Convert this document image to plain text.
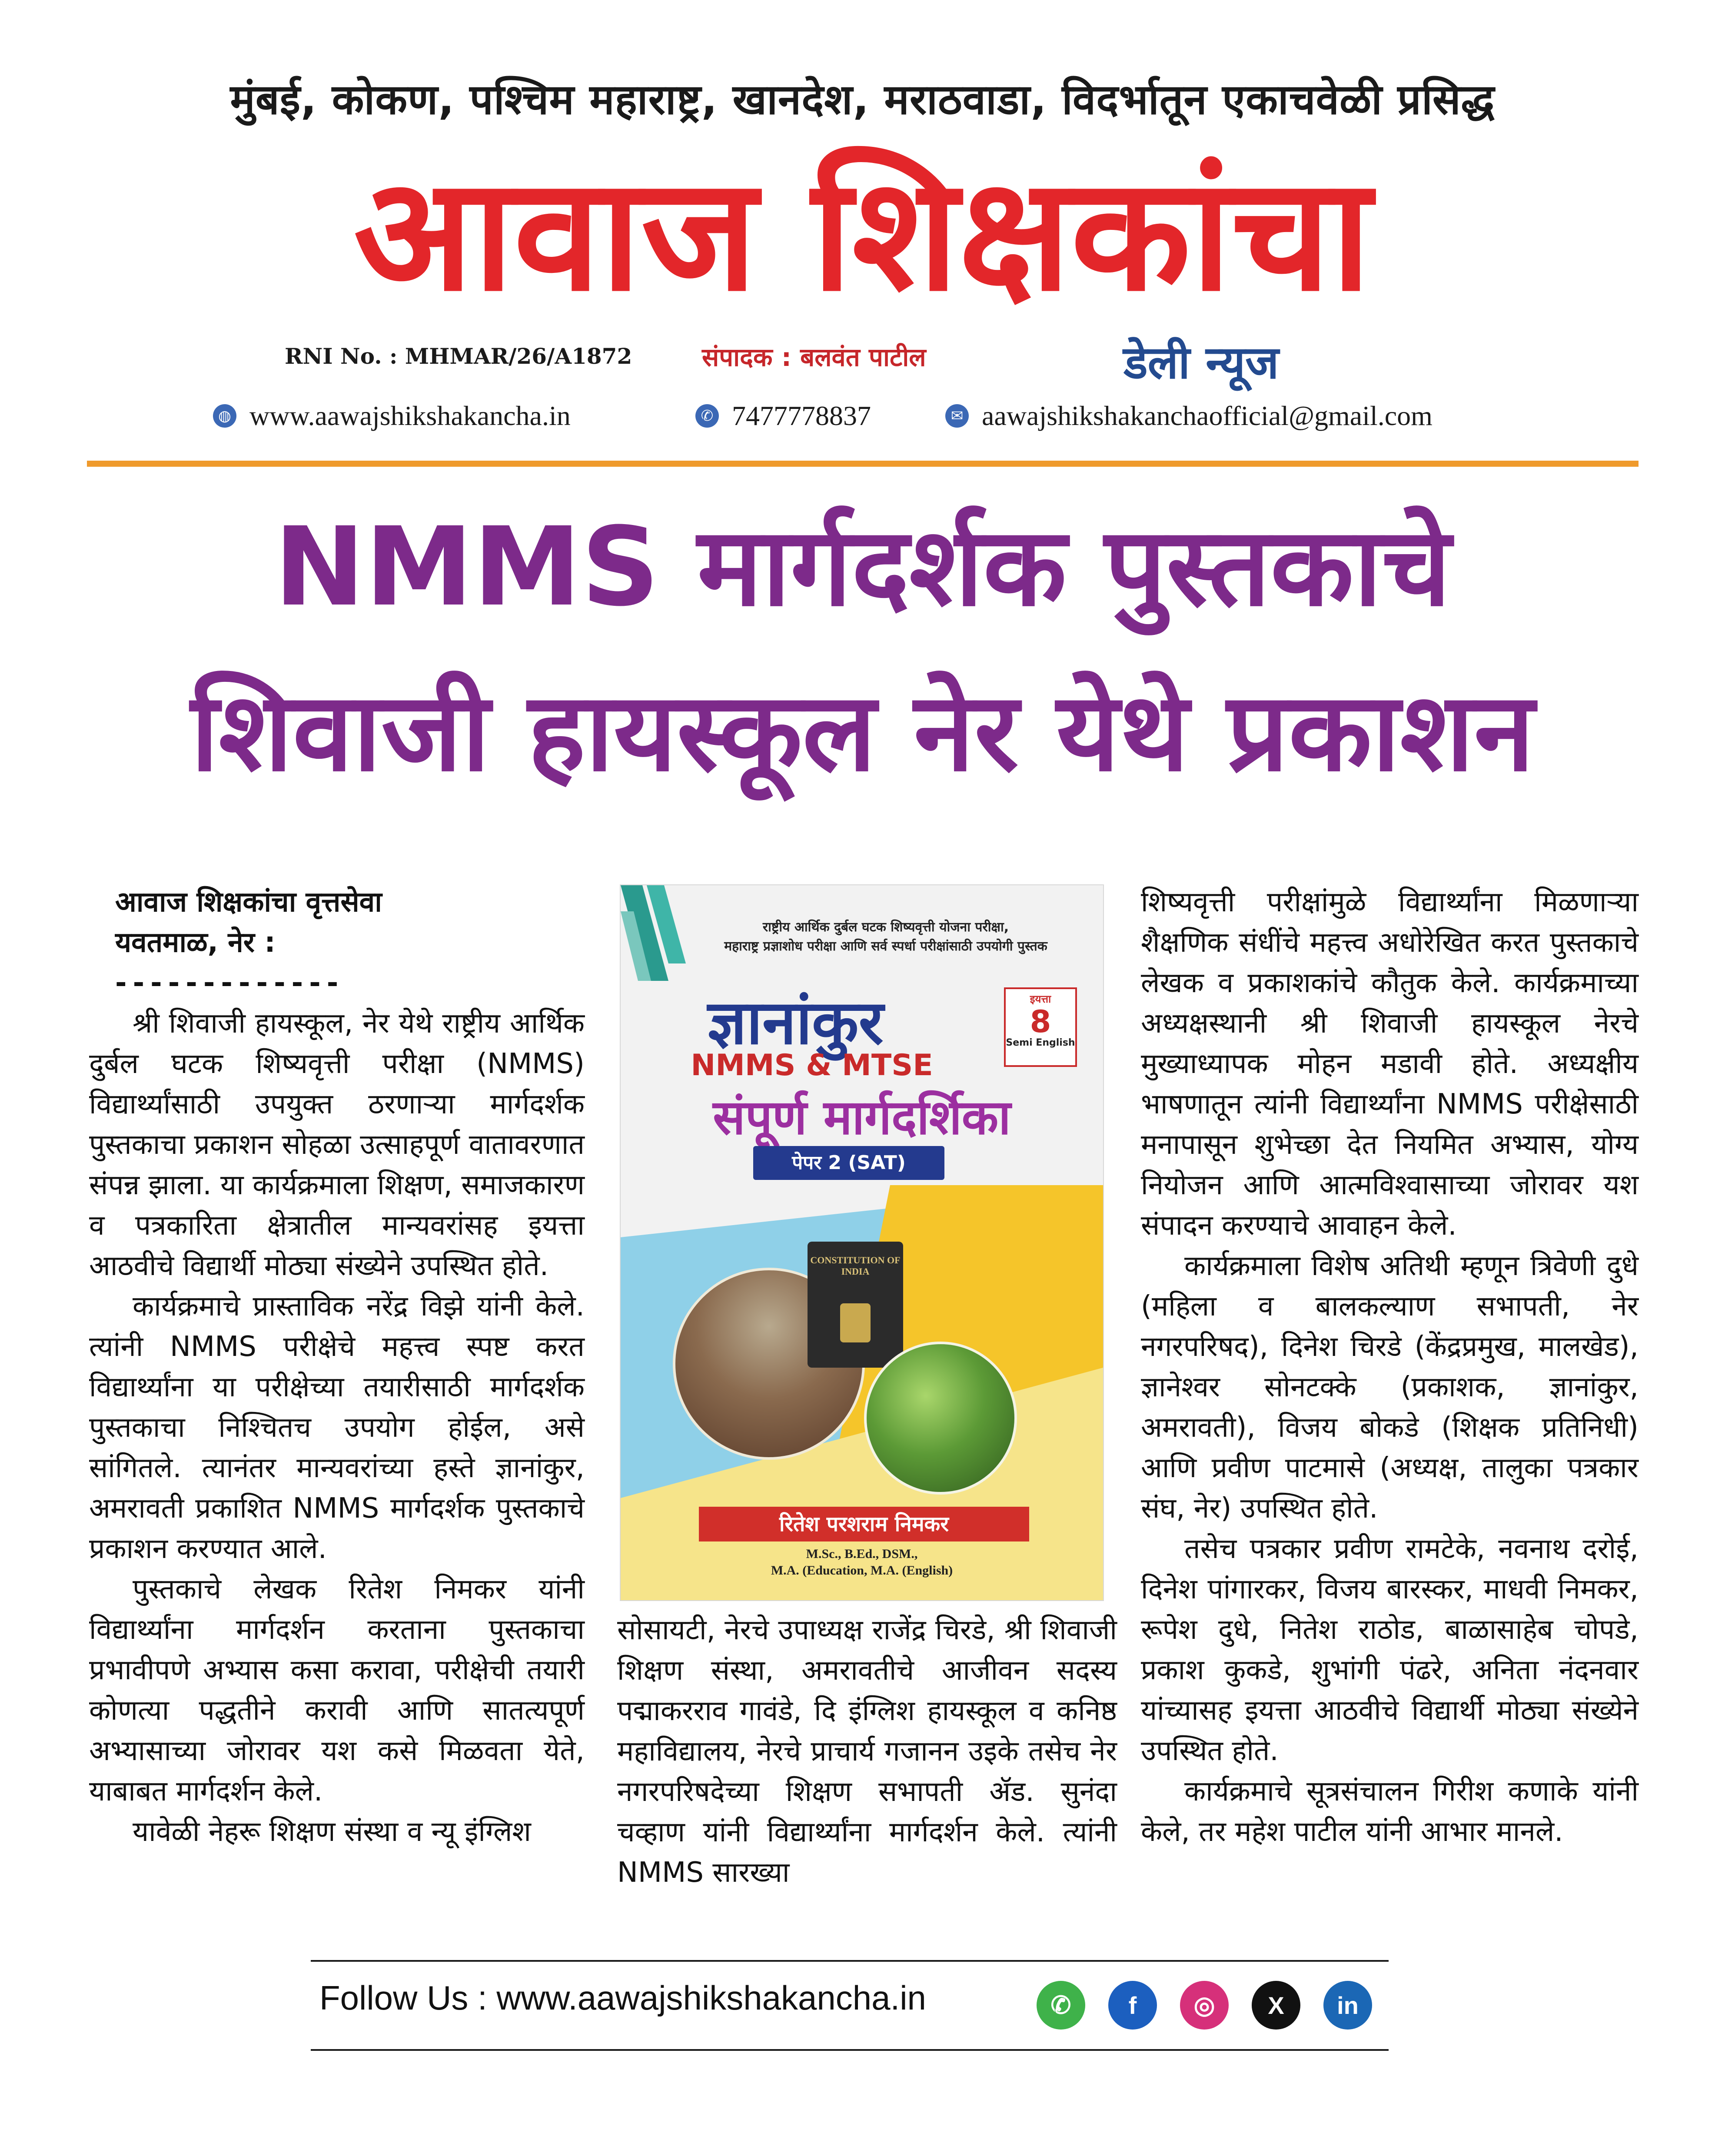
मुंबई, कोकण, पश्चिम महाराष्ट्र, खानदेश, मराठवाडा, विदर्भातून एकाचवेळी प्रसिद्ध
आवाज शिक्षकांचा
RNI No. : MHMAR/26/A1872	संपादक : बलवंत पाटील	डेली न्यूज
◍ www.aawajshikshakancha.in	✆ 7477778837	✉ aawajshikshakanchaofficial@gmail.com
NMMS मार्गदर्शक पुस्तकाचे
शिवाजी हायस्कूल नेर येथे प्रकाशन

आवाज शिक्षकांचा वृत्तसेवा

यवतमाळ, नेर :

-------------

श्री शिवाजी हायस्कूल, नेर येथे राष्ट्रीय आर्थिक दुर्बल घटक शिष्यवृत्ती परीक्षा (NMMS) विद्यार्थ्यांसाठी उपयुक्त ठरणाऱ्या मार्गदर्शक पुस्तकाचा प्रकाशन सोहळा उत्साहपूर्ण वातावरणात संपन्न झाला. या कार्यक्रमाला शिक्षण, समाजकारण व पत्रकारिता क्षेत्रातील मान्यवरांसह इयत्ता आठवीचे विद्यार्थी मोठ्या संख्येने उपस्थित होते.

कार्यक्रमाचे प्रास्ताविक नरेंद्र विझे यांनी केले. त्यांनी NMMS परीक्षेचे महत्त्व स्पष्ट करत विद्यार्थ्यांना या परीक्षेच्या तयारीसाठी मार्गदर्शक पुस्तकाचा निश्चितच उपयोग होईल, असे सांगितले. त्यानंतर मान्यवरांच्या हस्ते ज्ञानांकुर, अमरावती प्रकाशित NMMS मार्गदर्शक पुस्तकाचे प्रकाशन करण्यात आले.

पुस्तकाचे लेखक रितेश निमकर यांनी विद्यार्थ्यांना मार्गदर्शन करताना पुस्तकाचा प्रभावीपणे अभ्यास कसा करावा, परीक्षेची तयारी कोणत्या पद्धतीने करावी आणि सातत्यपूर्ण अभ्यासाच्या जोरावर यश कसे मिळवता येते, याबाबत मार्गदर्शन केले.

यावेळी नेहरू शिक्षण संस्था व न्यू इंग्लिश

राष्ट्रीय आर्थिक दुर्बल घटक शिष्यवृत्ती योजना परीक्षा,
महाराष्ट्र प्रज्ञाशोध परीक्षा आणि सर्व स्पर्धा परीक्षांसाठी उपयोगी पुस्तक
ज्ञानांकुर	इयत्ता
8
Semi English
NMMS & MTSE
संपूर्ण मार्गदर्शिका
पेपर 2 (SAT)
CONSTITUTION OF INDIA
रितेश परशराम निमकर
M.Sc., B.Ed., DSM.,
M.A. (Education, M.A. (English)

सोसायटी, नेरचे उपाध्यक्ष राजेंद्र चिरडे, श्री शिवाजी शिक्षण संस्था, अमरावतीचे आजीवन सदस्य पद्माकरराव गावंडे, दि इंग्लिश हायस्कूल व कनिष्ठ महाविद्यालय, नेरचे प्राचार्य गजानन उइके तसेच नेर नगरपरिषदेच्या शिक्षण सभापती ॲड. सुनंदा चव्हाण यांनी विद्यार्थ्यांना मार्गदर्शन केले. त्यांनी NMMS सारख्या

शिष्यवृत्ती परीक्षांमुळे विद्यार्थ्यांना मिळणाऱ्या शैक्षणिक संधींचे महत्त्व अधोरेखित करत पुस्तकाचे लेखक व प्रकाशकांचे कौतुक केले. कार्यक्रमाच्या अध्यक्षस्थानी श्री शिवाजी हायस्कूल नेरचे मुख्याध्यापक मोहन मडावी होते. अध्यक्षीय भाषणातून त्यांनी विद्यार्थ्यांना NMMS परीक्षेसाठी मनापासून शुभेच्छा देत नियमित अभ्यास, योग्य नियोजन आणि आत्मविश्वासाच्या जोरावर यश संपादन करण्याचे आवाहन केले.

कार्यक्रमाला विशेष अतिथी म्हणून त्रिवेणी दुधे (महिला व बालकल्याण सभापती, नेर नगरपरिषद), दिनेश चिरडे (केंद्रप्रमुख, मालखेड), ज्ञानेश्वर सोनटक्के (प्रकाशक, ज्ञानांकुर, अमरावती), विजय बोकडे (शिक्षक प्रतिनिधी) आणि प्रवीण पाटमासे (अध्यक्ष, तालुका पत्रकार संघ, नेर) उपस्थित होते.

तसेच पत्रकार प्रवीण रामटेके, नवनाथ दरोई, दिनेश पांगारकर, विजय बारस्कर, माधवी निमकर, रूपेश दुधे, नितेश राठोड, बाळासाहेब चोपडे, प्रकाश कुकडे, शुभांगी पंढरे, अनिता नंदनवार यांच्यासह इयत्ता आठवीचे विद्यार्थी मोठ्या संख्येने उपस्थित होते.

कार्यक्रमाचे सूत्रसंचालन गिरीश कणाके यांनी केले, तर महेश पाटील यांनी आभार मानले.

Follow Us : www.aawajshikshakancha.in	✆	f	◎	X	in
